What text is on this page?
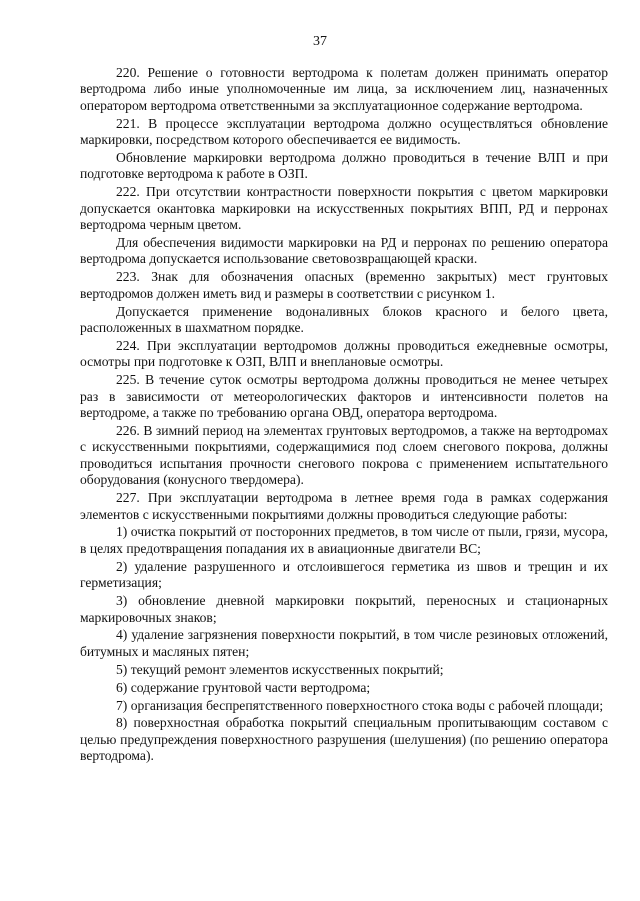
37

220. Решение о готовности вертодрома к полетам должен принимать оператор вертодрома либо иные уполномоченные им лица, за исключением лиц, назначенных оператором вертодрома ответственными за эксплуатационное содержание вертодрома.

221. В процессе эксплуатации вертодрома должно осуществляться обновление маркировки, посредством которого обеспечивается ее видимость.

Обновление маркировки вертодрома должно проводиться в течение ВЛП и при подготовке вертодрома к работе в ОЗП.

222. При отсутствии контрастности поверхности покрытия с цветом маркировки допускается окантовка маркировки на искусственных покрытиях ВПП, РД и перронах вертодрома черным цветом.

Для обеспечения видимости маркировки на РД и перронах по решению оператора вертодрома допускается использование световозвращающей краски.

223. Знак для обозначения опасных (временно закрытых) мест грунтовых вертодромов должен иметь вид и размеры в соответствии с рисунком 1.

Допускается применение водоналивных блоков красного и белого цвета, расположенных в шахматном порядке.

224. При эксплуатации вертодромов должны проводиться ежедневные осмотры, осмотры при подготовке к ОЗП, ВЛП и внеплановые осмотры.

225. В течение суток осмотры вертодрома должны проводиться не менее четырех раз в зависимости от метеорологических факторов и интенсивности полетов на вертодроме, а также по требованию органа ОВД, оператора вертодрома.

226. В зимний период на элементах грунтовых вертодромов, а также на вертодромах с искусственными покрытиями, содержащимися под слоем снегового покрова, должны проводиться испытания прочности снегового покрова с применением испытательного оборудования (конусного твердомера).

227. При эксплуатации вертодрома в летнее время года в рамках содержания элементов с искусственными покрытиями должны проводиться следующие работы:

1) очистка покрытий от посторонних предметов, в том числе от пыли, грязи, мусора, в целях предотвращения попадания их в авиационные двигатели ВС;

2) удаление разрушенного и отслоившегося герметика из швов и трещин и их герметизация;

3) обновление дневной маркировки покрытий, переносных и стационарных маркировочных знаков;

4) удаление загрязнения поверхности покрытий, в том числе резиновых отложений, битумных и масляных пятен;

5) текущий ремонт элементов искусственных покрытий;

6) содержание грунтовой части вертодрома;

7) организация беспрепятственного поверхностного стока воды с рабочей площади;

8) поверхностная обработка покрытий специальным пропитывающим составом с целью предупреждения поверхностного разрушения (шелушения) (по решению оператора вертодрома).
